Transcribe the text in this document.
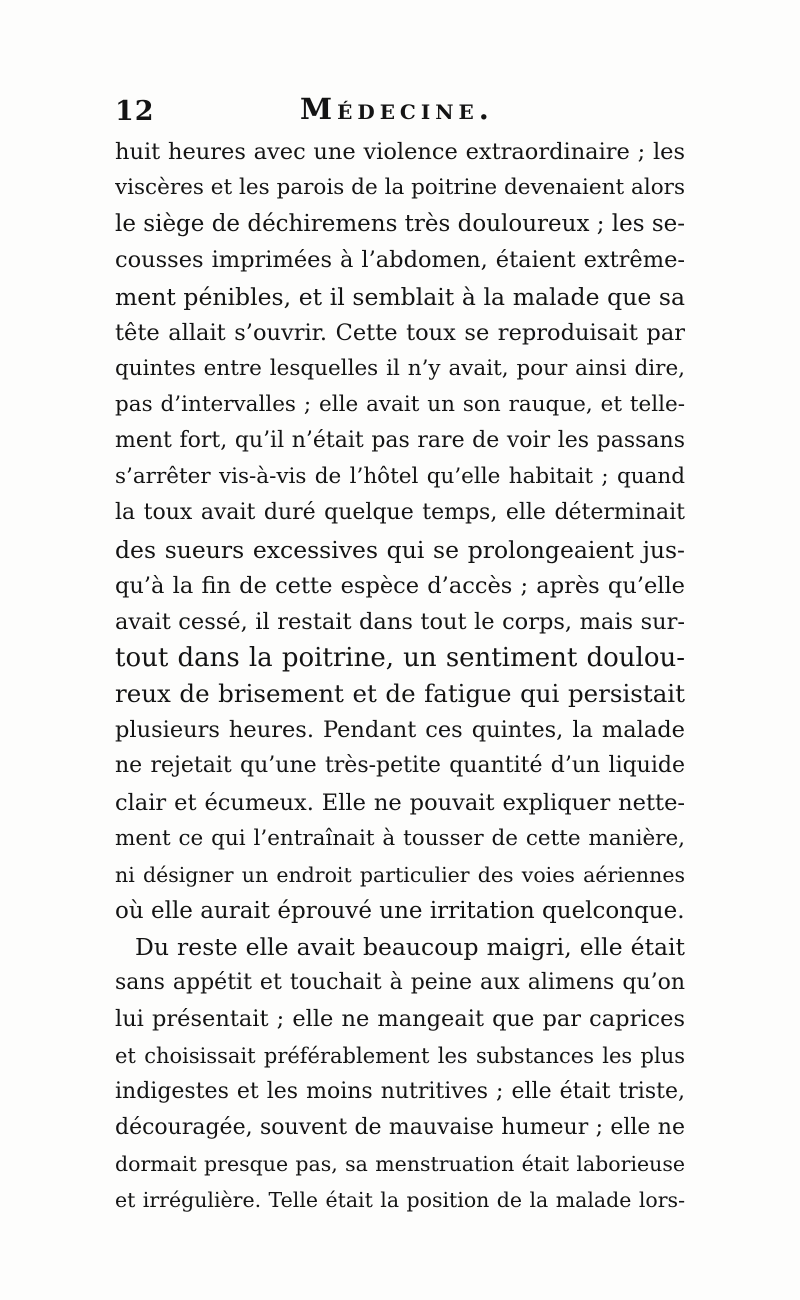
12	Médecine.
huit heures avec une violence extraordinaire ; les
viscères et les parois de la poitrine devenaient alors
le siège de déchiremens très douloureux ; les se-
cousses imprimées à l’abdomen, étaient extrême-
ment pénibles, et il semblait à la malade que sa
tête allait s’ouvrir. Cette toux se reproduisait par
quintes entre lesquelles il n’y avait, pour ainsi dire,
pas d’intervalles ; elle avait un son rauque, et telle-
ment fort, qu’il n’était pas rare de voir les passans
s’arrêter vis-à-vis de l’hôtel qu’elle habitait ; quand
la toux avait duré quelque temps, elle déterminait
des sueurs excessives qui se prolongeaient jus-
qu’à la fin de cette espèce d’accès ; après qu’elle
avait cessé, il restait dans tout le corps, mais sur-
tout dans la poitrine, un sentiment doulou-
reux de brisement et de fatigue qui persistait
plusieurs heures. Pendant ces quintes, la malade
ne rejetait qu’une très-petite quantité d’un liquide
clair et écumeux. Elle ne pouvait expliquer nette-
ment ce qui l’entraînait à tousser de cette manière,
ni désigner un endroit particulier des voies aériennes
où elle aurait éprouvé une irritation quelconque.
Du reste elle avait beaucoup maigri, elle était
sans appétit et touchait à peine aux alimens qu’on
lui présentait ; elle ne mangeait que par caprices
et choisissait préférablement les substances les plus
indigestes et les moins nutritives ; elle était triste,
découragée, souvent de mauvaise humeur ; elle ne
dormait presque pas, sa menstruation était laborieuse
et irrégulière. Telle était la position de la malade lors-
